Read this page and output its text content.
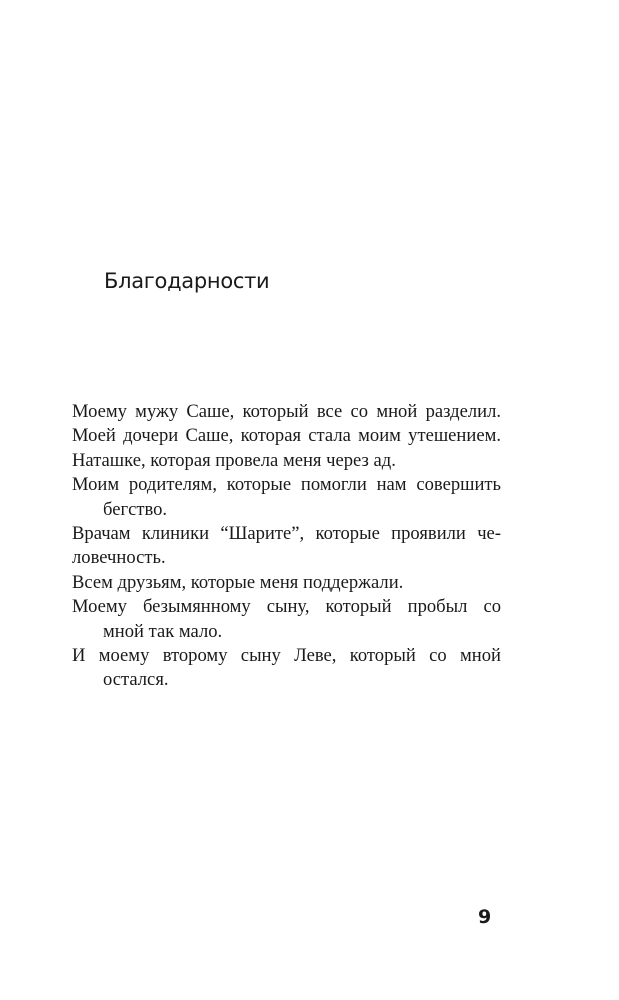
Благодарности
Моему мужу Саше, который все со мной разделил.
Моей дочери Саше, которая стала моим утешением.
Наташке, которая провела меня через ад.
Моим родителям, которые помогли нам совершить
бегство.
Врачам клиники “Шарите”, которые проявили че-
ловечность.
Всем друзьям, которые меня поддержали.
Моему безымянному сыну, который пробыл со
мной так мало.
И моему второму сыну Леве, который со мной
остался.
9
